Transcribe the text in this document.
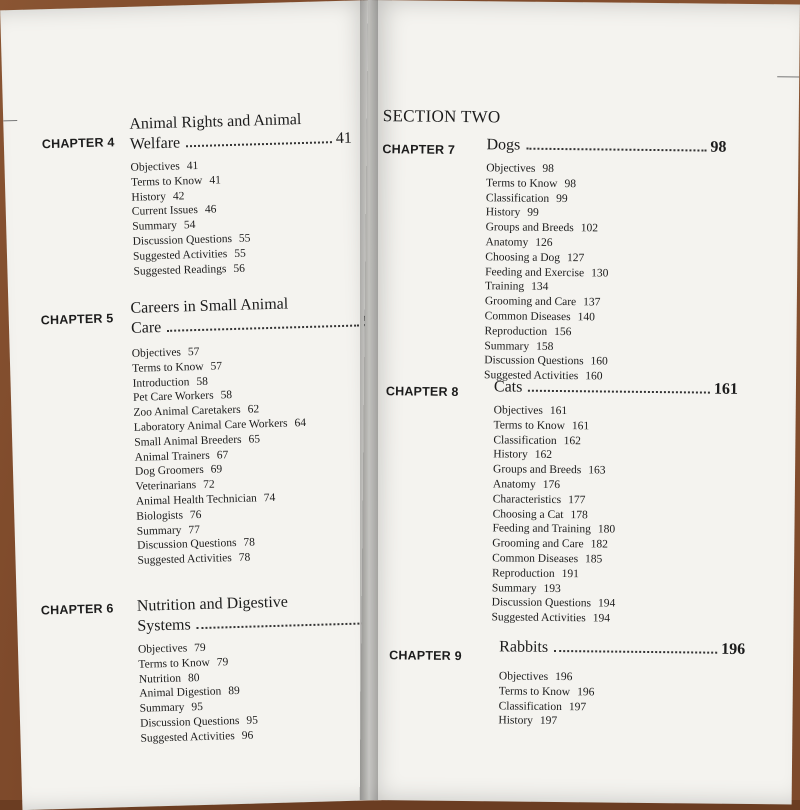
CHAPTER 4
Animal Rights and Animal
Welfare	41
Objectives 41
Terms to Know 41
History 42
Current Issues 46
Summary 54
Discussion Questions 55
Suggested Activities 55
Suggested Readings 56
CHAPTER 5
Careers in Small Animal
Care
Objectives 57
Terms to Know 57
Introduction 58
Pet Care Workers 58
Zoo Animal Caretakers 62
Laboratory Animal Care Workers 64
Small Animal Breeders 65
Animal Trainers 67
Dog Groomers 69
Veterinarians 72
Animal Health Technician 74
Biologists 76
Summary 77
Discussion Questions 78
Suggested Activities 78
CHAPTER 6 Nutrition and Digestive
Systems
Objectives 79
Terms to Know 79
Nutrition 80
Animal Digestion 89
Summary 95
Discussion Questions 95
Suggested Activities 96
SECTION TWO
CHAPTER 7 Dogs	98
Objectives 98
Terms to Know 98
Classification 99
History 99
Groups and Breeds 102
Anatomy 126
Choosing a Dog 127
Feeding and Exercise 130
Training 134
Grooming and Care 137
Common Diseases 140
Reproduction 156
Summary 158
Discussion Questions 160
Suggested Activities 160
CHAPTER 8 Cats	161
Objectives 161
Terms to Know 161
Classification 162
History 162
Groups and Breeds 163
Anatomy 176
Characteristics 177
Choosing a Cat 178
Feeding and Training 180
Grooming and Care 182
Common Diseases 185
Reproduction 191
Summary 193
Discussion Questions 194
Suggested Activities 194
CHAPTER 9 Rabbits	196
Objectives 196
Terms to Know 196
Classification 197
History 197
